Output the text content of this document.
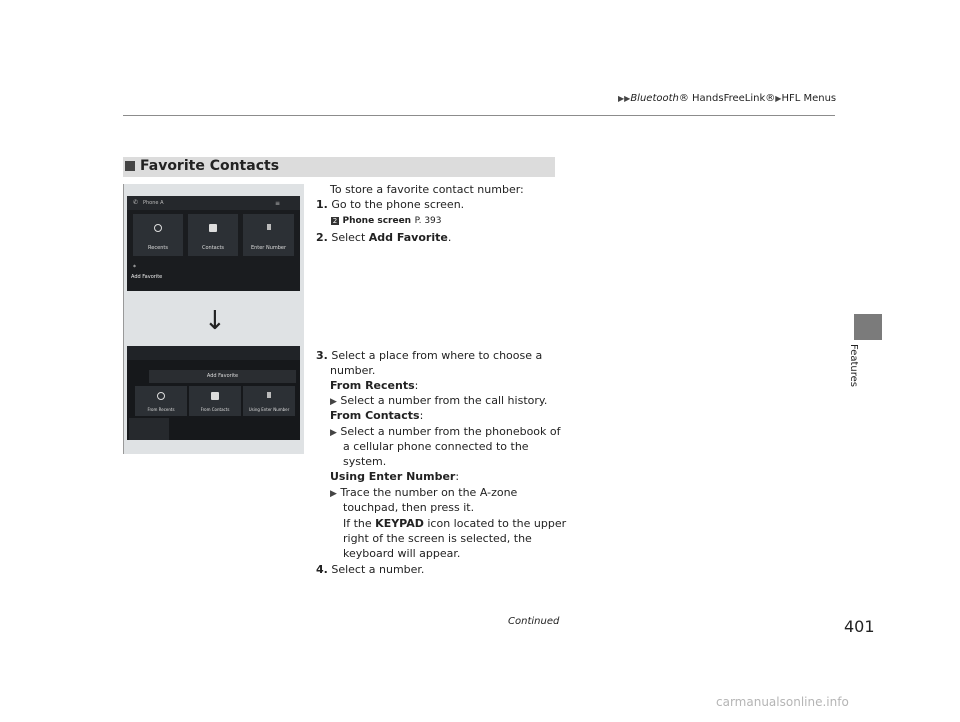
▶▶Bluetooth® HandsFreeLink®▶HFL Menus
Features
Favorite Contacts
✆ Phone A	≡
Recents	Contacts	Enter Number
*
Add Favorite
↓
Add Favorite
From Recents	From Contacts	Using Enter Number
To store a favorite contact number:
1. Go to the phone screen.
2 Phone screen P. 393
2. Select Add Favorite.
3. Select a place from where to choose a
number.
From Recents:
▶ Select a number from the call history.
From Contacts:
▶ Select a number from the phonebook of
a cellular phone connected to the
system.
Using Enter Number:
▶ Trace the number on the A-zone
touchpad, then press it.
If the KEYPAD icon located to the upper
right of the screen is selected, the
keyboard will appear.
4. Select a number.
Continued	401
carmanualsonline.info
